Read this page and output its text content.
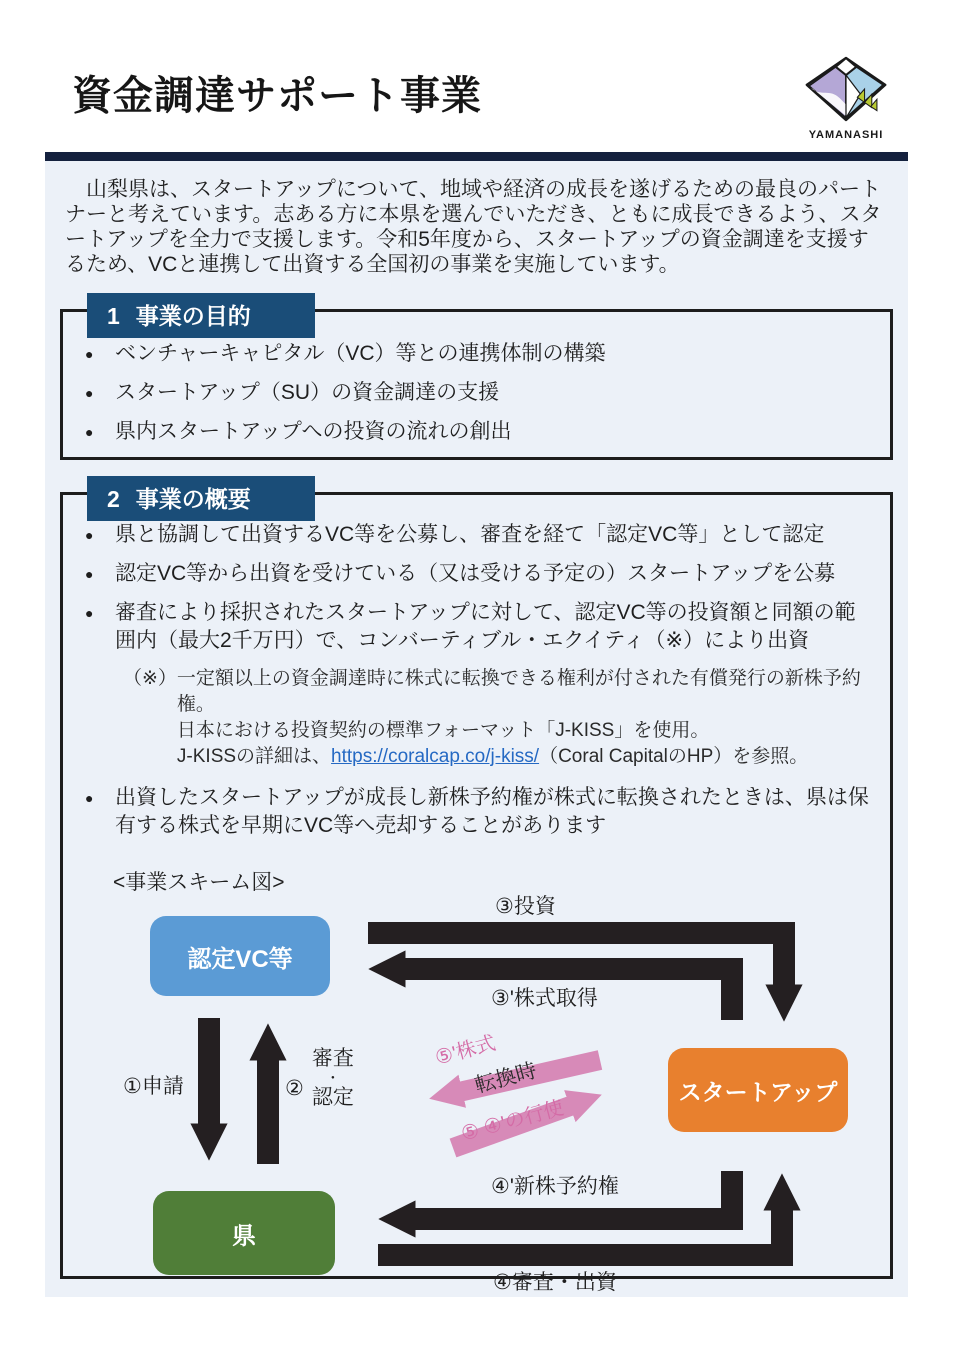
資金調達サポート事業
YAMANASHI

　山梨県は、スタートアップについて、地域や経済の成長を遂げるための最良のパートナーと考えています。志ある方に本県を選んでいただき、ともに成長できるよう、スタートアップを全力で支援します。令和5年度から、スタートアップの資金調達を支援するため、VCと連携して出資する全国初の事業を実施しています。

1 事業の目的
● ベンチャーキャピタル（VC）等との連携体制の構築
● スタートアップ（SU）の資金調達の支援
● 県内スタートアップへの投資の流れの創出
2 事業の概要
● 県と協調して出資するVC等を公募し、審査を経て「認定VC等」として認定
● 認定VC等から出資を受けている（又は受ける予定の）スタートアップを公募
● 審査により採択されたスタートアップに対して、認定VC等の投資額と同額の範囲内（最大2千万円）で、コンバーティブル・エクイティ（※）により出資
（※） 一定額以上の資金調達時に株式に転換できる権利が付された有償発行の新株予約権。
日本における投資契約の標準フォーマット「J-KISS」を使用。
J-KISSの詳細は、https://coralcap.co/j-kiss/（Coral CapitalのHP）を参照。
● 出資したスタートアップが成長し新株予約権が株式に転換されたときは、県は保有する株式を早期にVC等へ売却することがあります
<事業スキーム図>
認定VC等
スタートアップ
県
③投資
③'株式取得
①申請	②
審査
・
認定
⑤'株式
転換時
⑤ ④'の行使
④'新株予約権
④審査・出資
